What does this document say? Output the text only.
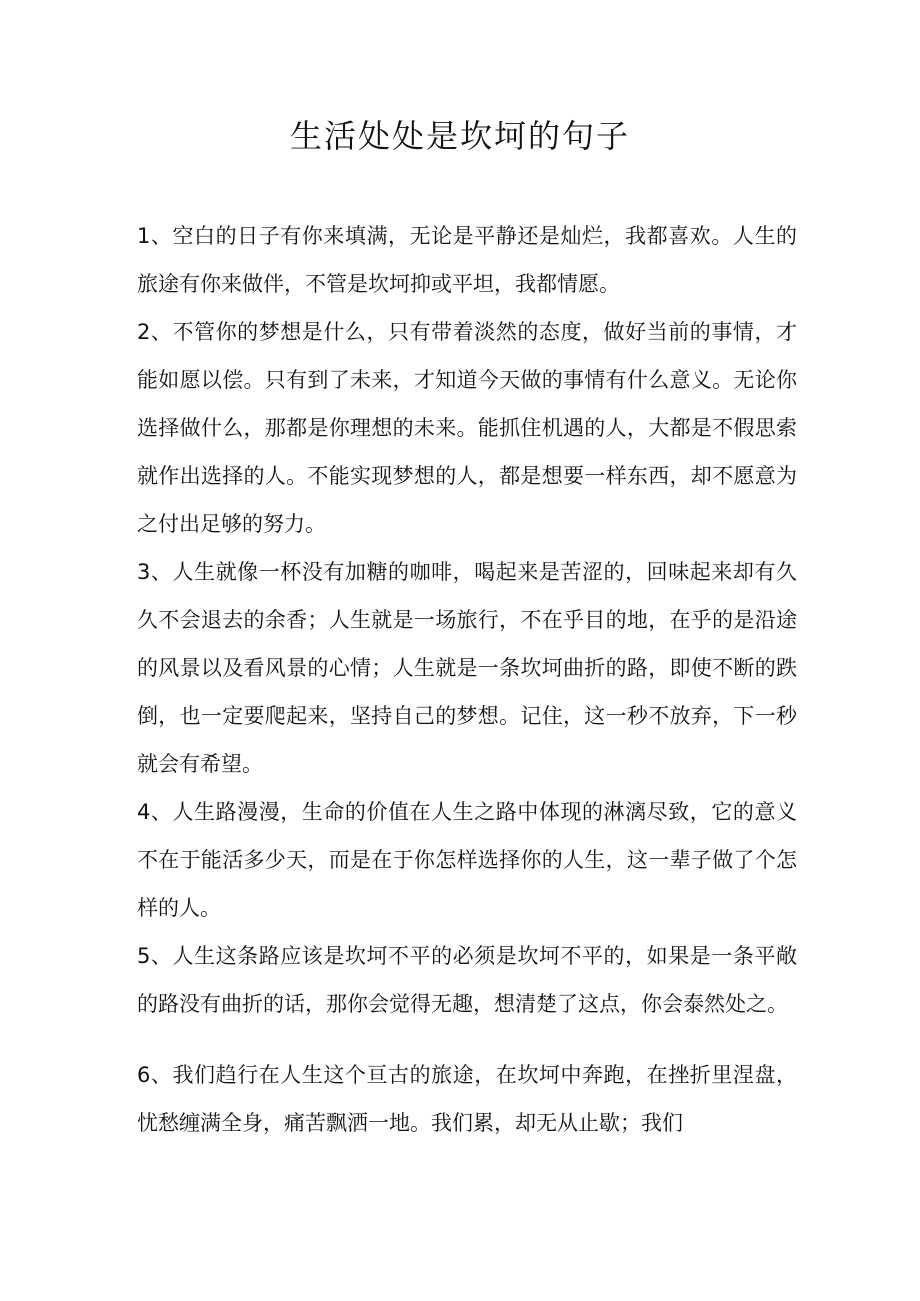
生活处处是坎坷的句子

1、空白的日子有你来填满，无论是平静还是灿烂，我都喜欢。人生的旅途有你来做伴，不管是坎坷抑或平坦，我都情愿。

2、不管你的梦想是什么，只有带着淡然的态度，做好当前的事情，才能如愿以偿。只有到了未来，才知道今天做的事情有什么意义。无论你选择做什么，那都是你理想的未来。能抓住机遇的人，大都是不假思索就作出选择的人。不能实现梦想的人，都是想要一样东西，却不愿意为之付出足够的努力。

3、人生就像一杯没有加糖的咖啡，喝起来是苦涩的，回味起来却有久久不会退去的余香；人生就是一场旅行，不在乎目的地，在乎的是沿途的风景以及看风景的心情；人生就是一条坎坷曲折的路，即使不断的跌倒，也一定要爬起来，坚持自己的梦想。记住，这一秒不放弃，下一秒就会有希望。

4、人生路漫漫，生命的价值在人生之路中体现的淋漓尽致，它的意义不在于能活多少天，而是在于你怎样选择你的人生，这一辈子做了个怎样的人。

5、人生这条路应该是坎坷不平的必须是坎坷不平的，如果是一条平敞的路没有曲折的话，那你会觉得无趣，想清楚了这点，你会泰然处之。

6、我们趋行在人生这个亘古的旅途，在坎坷中奔跑，在挫折里涅盘，忧愁缠满全身，痛苦飘洒一地。我们累，却无从止歇；我们
